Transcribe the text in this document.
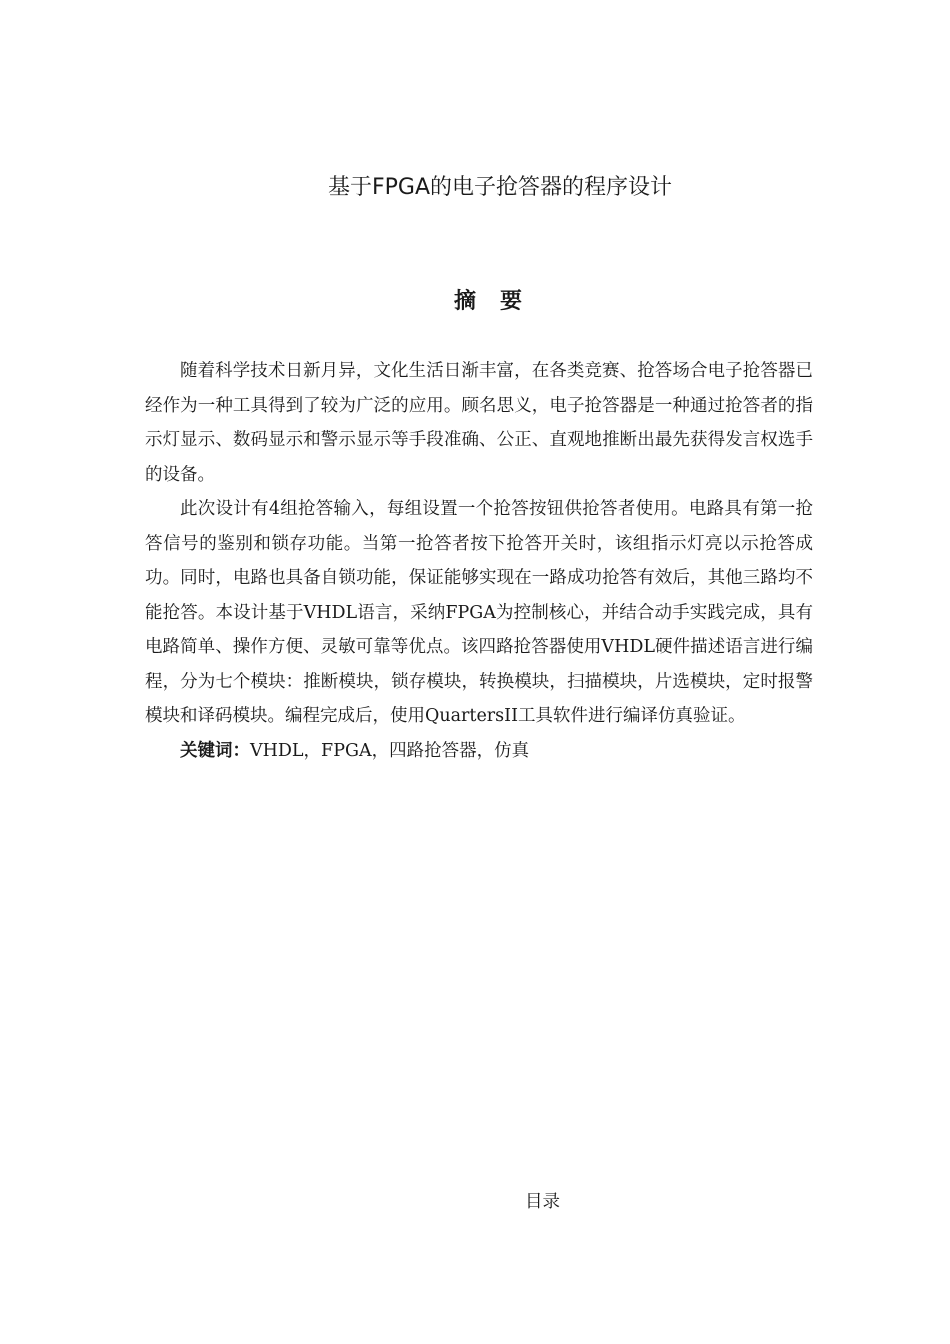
基于FPGA的电子抢答器的程序设计
摘要

随着科学技术日新月异，文化生活日渐丰富，在各类竞赛、抢答场合电子抢答器已经作为一种工具得到了较为广泛的应用。顾名思义，电子抢答器是一种通过抢答者的指示灯显示、数码显示和警示显示等手段准确、公正、直观地推断出最先获得发言权选手的设备。

此次设计有4组抢答输入，每组设置一个抢答按钮供抢答者使用。电路具有第一抢答信号的鉴别和锁存功能。当第一抢答者按下抢答开关时，该组指示灯亮以示抢答成功。同时，电路也具备自锁功能，保证能够实现在一路成功抢答有效后，其他三路均不能抢答。本设计基于VHDL语言，采纳FPGA为控制核心，并结合动手实践完成，具有电路简单、操作方便、灵敏可靠等优点。该四路抢答器使用VHDL硬件描述语言进行编程，分为七个模块：推断模块，锁存模块，转换模块，扫描模块，片选模块，定时报警模块和译码模块。编程完成后，使用QuartersII工具软件进行编译仿真验证。

关键词：VHDL，FPGA，四路抢答器，仿真

目录
